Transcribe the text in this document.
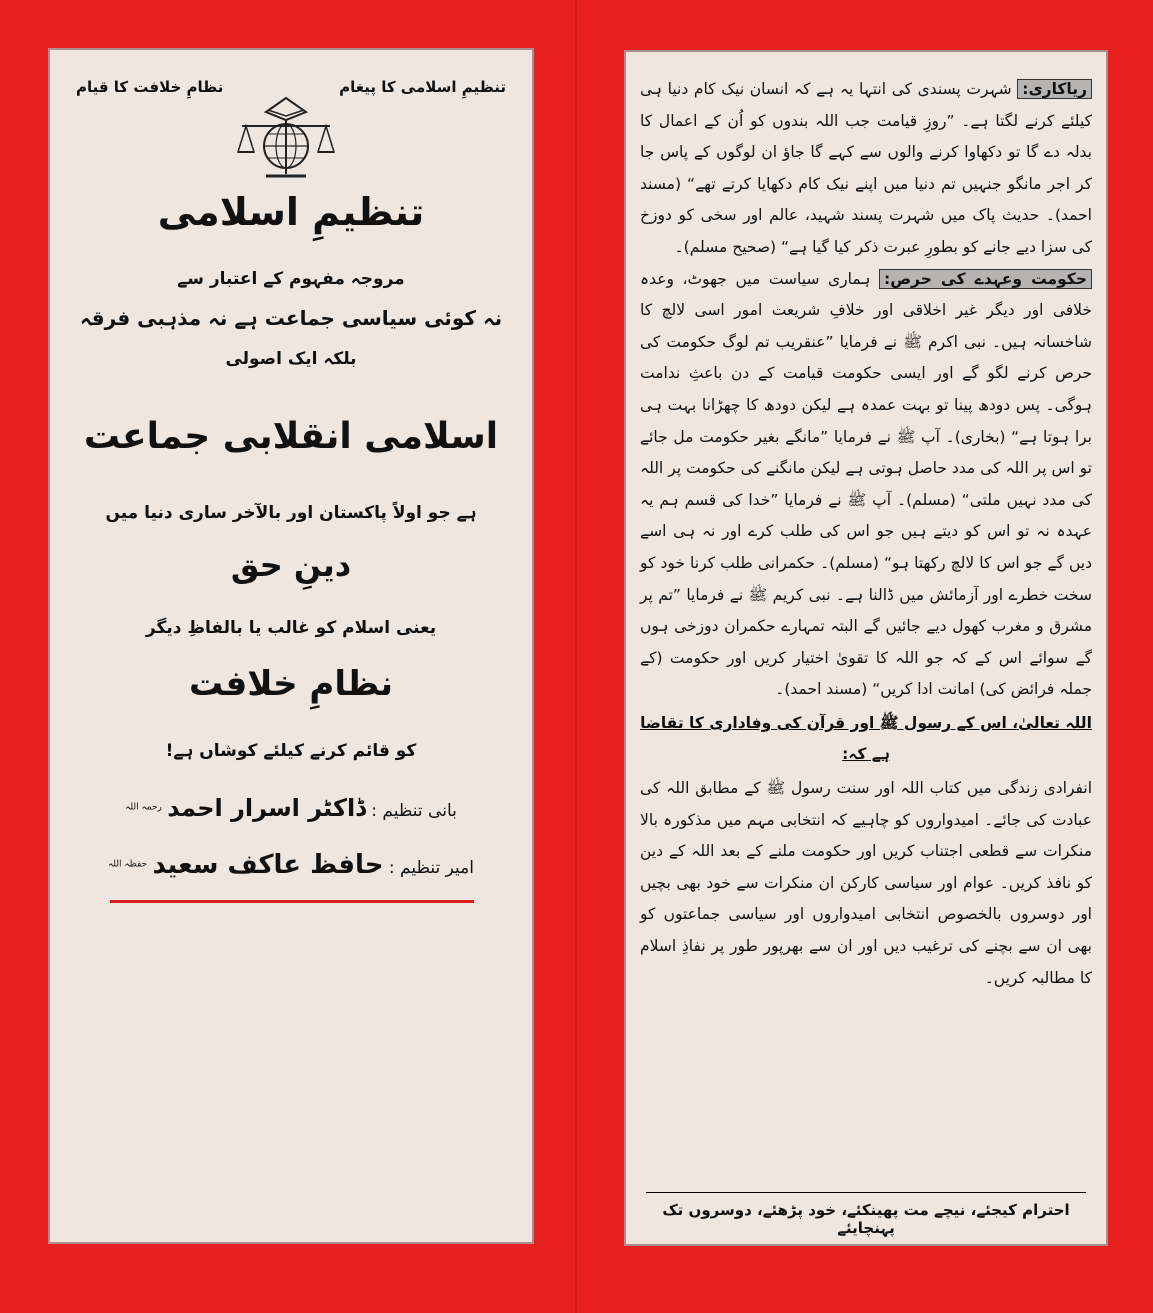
تنظیمِ اسلامی کا پیغام
نظامِ خلافت کا قیام
تنظیمِ اسلامی
مروجہ مفہوم کے اعتبار سے
نہ کوئی سیاسی جماعت ہے نہ مذہبی فرقہ
بلکہ ایک اصولی
اسلامی انقلابی جماعت
ہے جو اولاً پاکستان اور بالآخر ساری دنیا میں
دینِ حق
یعنی اسلام کو غالب یا بالفاظِ دیگر
نظامِ خلافت
کو قائم کرنے کیلئے کوشاں ہے!
بانی تنظیم : ڈاکٹر اسرار احمد $^{رحمہ اللہ}$
امیر تنظیم : حافظ عاکف سعید $^{حفظہ اللہ}$
ریاکاری: شہرت پسندی کی انتہا یہ ہے کہ انسان نیک کام دنیا ہی کیلئے کرنے لگتا ہے۔ ”روزِ قیامت جب اللہ بندوں کو اُن کے اعمال کا بدلہ دے گا تو دکھاوا کرنے والوں سے کہے گا جاؤ ان لوگوں کے پاس جا کر اجر مانگو جنہیں تم دنیا میں اپنے نیک کام دکھایا کرتے تھے“ (مسند احمد)۔ حدیث پاک میں شہرت پسند شہید، عالم اور سخی کو دوزخ کی سزا دیے جانے کو بطورِ عبرت ذکر کیا گیا ہے“ (صحیح مسلم)۔
حکومت وعہدے کی حرص: ہماری سیاست میں جھوٹ، وعدہ خلافی اور دیگر غیر اخلاقی اور خلافِ شریعت امور اسی لالچ کا شاخسانہ ہیں۔ نبی اکرم ﷺ نے فرمایا ”عنقریب تم لوگ حکومت کی حرص کرنے لگو گے اور ایسی حکومت قیامت کے دن باعثِ ندامت ہوگی۔ پس دودھ پینا تو بہت عمدہ ہے لیکن دودھ کا چھڑانا بہت ہی برا ہوتا ہے“ (بخاری)۔ آپ ﷺ نے فرمایا ”مانگے بغیر حکومت مل جائے تو اس پر اللہ کی مدد حاصل ہوتی ہے لیکن مانگنے کی حکومت پر اللہ کی مدد نہیں ملتی“ (مسلم)۔ آپ ﷺ نے فرمایا ”خدا کی قسم ہم یہ عہدہ نہ تو اس کو دیتے ہیں جو اس کی طلب کرے اور نہ ہی اسے دیں گے جو اس کا لالچ رکھتا ہو“ (مسلم)۔ حکمرانی طلب کرنا خود کو سخت خطرے اور آزمائش میں ڈالنا ہے۔ نبی کریم ﷺ نے فرمایا ”تم پر مشرق و مغرب کھول دیے جائیں گے البتہ تمہارے حکمران دوزخی ہوں گے سوائے اس کے کہ جو اللہ کا تقویٰ اختیار کریں اور حکومت (کے جملہ فرائض کی) امانت ادا کریں“ (مسند احمد)۔
اللہ تعالیٰ، اس کے رسول ﷺ اور قرآن کی وفاداری کا تقاضا ہے کہ:
انفرادی زندگی میں کتاب اللہ اور سنت رسول ﷺ کے مطابق اللہ کی عبادت کی جائے۔ امیدواروں کو چاہیے کہ انتخابی مہم میں مذکورہ بالا منکرات سے قطعی اجتناب کریں اور حکومت ملنے کے بعد اللہ کے دین کو نافذ کریں۔ عوام اور سیاسی کارکن ان منکرات سے خود بھی بچیں اور دوسروں بالخصوص انتخابی امیدواروں اور سیاسی جماعتوں کو بھی ان سے بچنے کی ترغیب دیں اور ان سے بھرپور طور پر نفاذِ اسلام کا مطالبہ کریں۔
احترام کیجئے، نیچے مت پھینکئے، خود پڑھئے، دوسروں تک پہنچایئے
